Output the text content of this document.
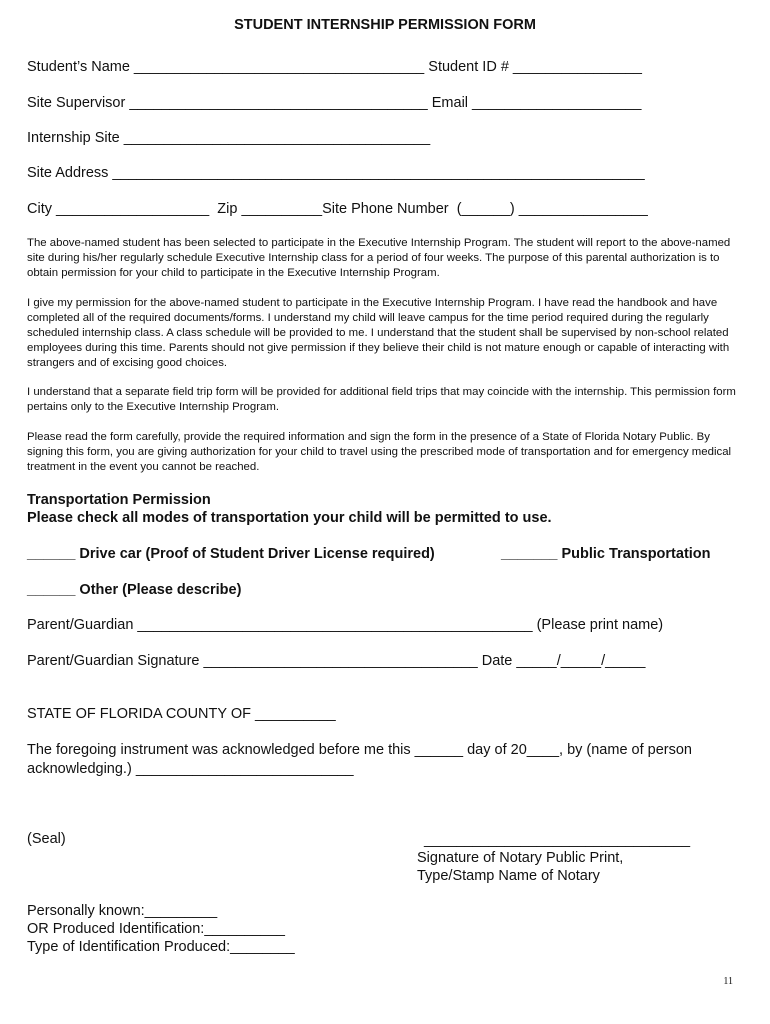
STUDENT INTERNSHIP PERMISSION FORM
Student’s Name ____________________________________ Student ID # ________________
Site Supervisor _____________________________________ Email _____________________
Internship Site ______________________________________
Site Address __________________________________________________________________
City ___________________  Zip __________Site Phone Number  (______) ________________

The above-named student has been selected to participate in the Executive Internship Program. The student will report to the above-named site during his/her regularly schedule Executive Internship class for a period of four weeks. The purpose of this parental authorization is to obtain permission for your child to participate in the Executive Internship Program.

I give my permission for the above-named student to participate in the Executive Internship Program. I have read the handbook and have completed all of the required documents/forms. I understand my child will leave campus for the time period required during the regularly scheduled internship class. A class schedule will be provided to me. I understand that the student shall be supervised by non-school related employees during this time. Parents should not give permission if they believe their child is not mature enough or capable of interacting with strangers and of excising good choices.

I understand that a separate field trip form will be provided for additional field trips that may coincide with the internship. This permission form pertains only to the Executive Internship Program.

Please read the form carefully, provide the required information and sign the form in the presence of a State of Florida Notary Public. By signing this form, you are giving authorization for your child to travel using the prescribed mode of transportation and for emergency medical treatment in the event you cannot be reached.

Transportation Permission
Please check all modes of transportation your child will be permitted to use.
______ Drive car (Proof of Student Driver License required)	_______ Public Transportation
______ Other (Please describe)
Parent/Guardian _________________________________________________ (Please print name)
Parent/Guardian Signature __________________________________ Date _____/_____/_____
STATE OF FLORIDA COUNTY OF __________
The foregoing instrument was acknowledged before me this ______ day of 20____, by (name of person
acknowledging.) ___________________________
(Seal)	_________________________________
Signature of Notary Public Print,
Type/Stamp Name of Notary
Personally known:_________
OR Produced Identification:__________
Type of Identification Produced:________
11
